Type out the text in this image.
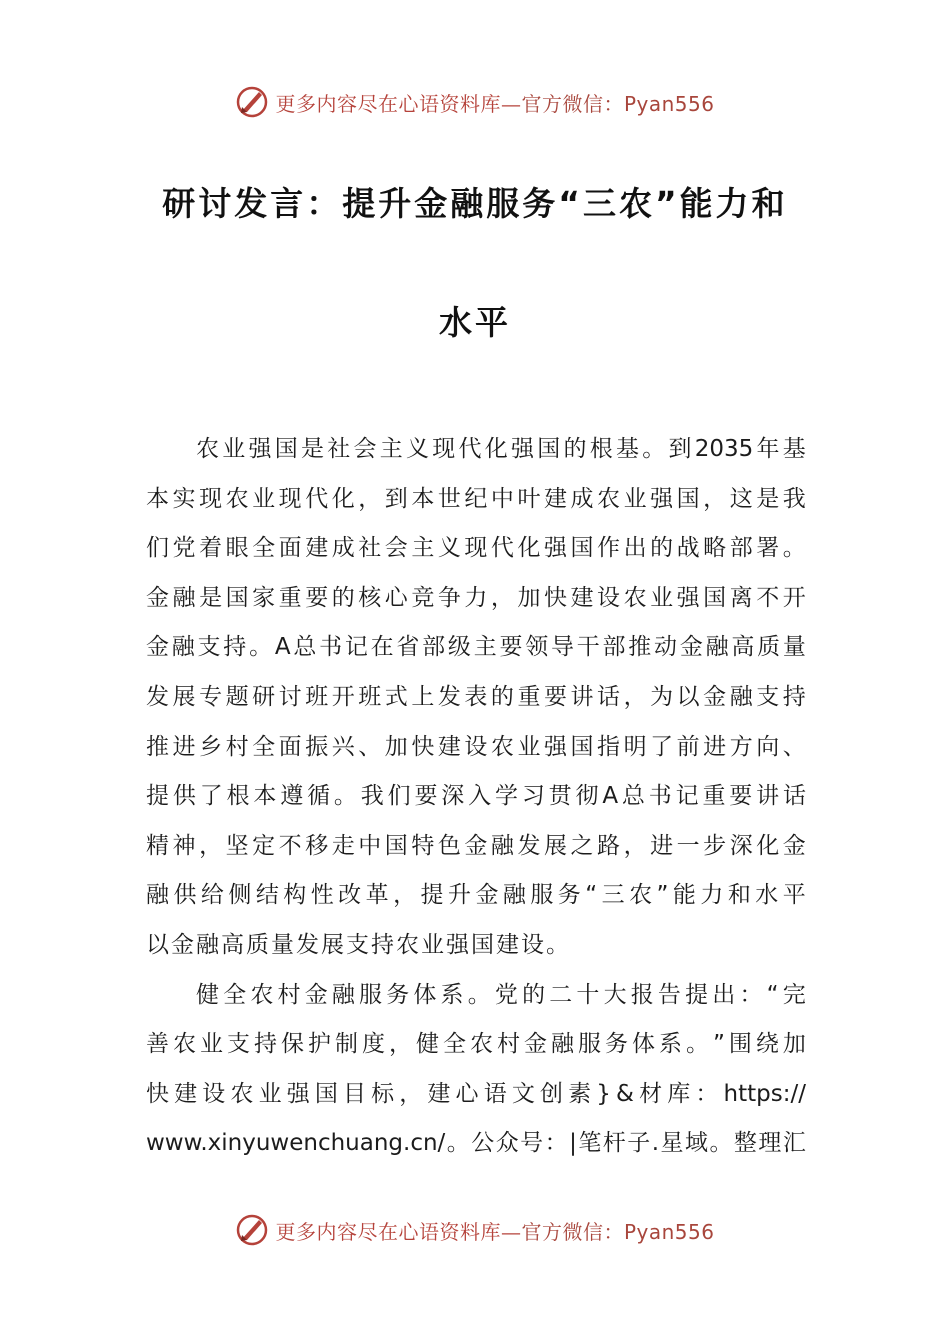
更多内容尽在心语资料库—官方微信：Pyan556
研讨发言：提升金融服务“三农”能力和
水平
农 业 强 国 是 社 会 主 义 现 代 化 强 国 的 根 基 。 到 2035 年 基
本 实 现 农 业 现 代 化 ， 到 本 世 纪 中 叶 建 成 农 业 强 国 ， 这 是 我
们 党 着 眼 全 面 建 成 社 会 主 义 现 代 化 强 国 作 出 的 战 略 部 署 。
金 融 是 国 家 重 要 的 核 心 竞 争 力 ， 加 快 建 设 农 业 强 国 离 不 开
金 融 支 持 。 A 总 书 记 在 省 部 级 主 要 领 导 干 部 推 动 金 融 高 质 量
发 展 专 题 研 讨 班 开 班 式 上 发 表 的 重 要 讲 话 ， 为 以 金 融 支 持
推 进 乡 村 全 面 振 兴 、 加 快 建 设 农 业 强 国 指 明 了 前 进 方 向 、
提 供 了 根 本 遵 循 。 我 们 要 深 入 学 习 贯 彻 A 总 书 记 重 要 讲 话
精 神 ， 坚 定 不 移 走 中 国 特 色 金 融 发 展 之 路 ， 进 一 步 深 化 金
融 供 给 侧 结 构 性 改 革 ， 提 升 金 融 服 务 “ 三 农 ” 能 力 和 水 平
以 金 融 高 质 量 发 展 支 持 农 业 强 国 建 设 。
健 全 农 村 金 融 服 务 体 系 。 党 的 二 十 大 报 告 提 出 ： “ 完
善 农 业 支 持 保 护 制 度 ， 健 全 农 村 金 融 服 务 体 系 。 ” 围 绕 加
快 建 设 农 业 强 国 目 标 ， 建 心 语 文 创 素 } & 材 库 ： https://
www.xinyuwenchuang.cn/ 。 公 众 号 ： | 笔 杆 子 . 星 域 。 整 理 汇
更多内容尽在心语资料库—官方微信：Pyan556
